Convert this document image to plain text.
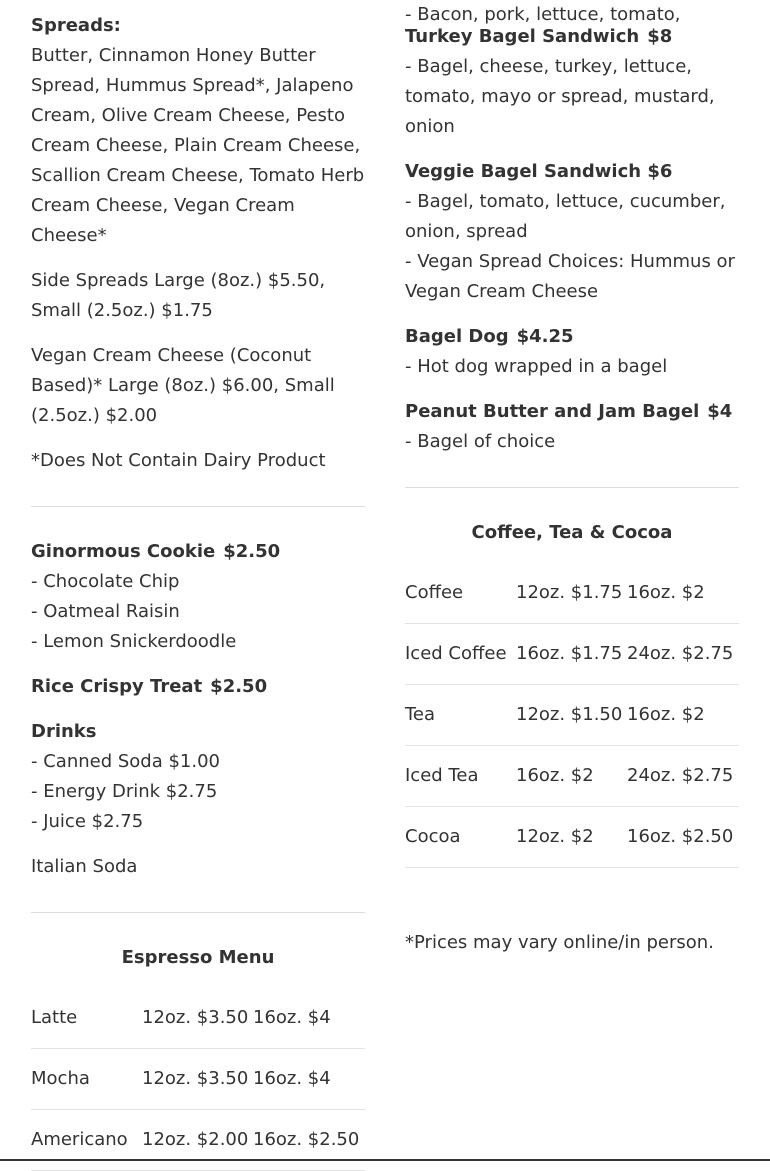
Spreads:

Butter, Cinnamon Honey Butter Spread, Hummus Spread*, Jalapeno Cream, Olive Cream Cheese, Pesto Cream Cheese, Plain Cream Cheese, Scallion Cream Cheese, Tomato Herb Cream Cheese, Vegan Cream Cheese*

Side Spreads Large (8oz.) $5.50, Small (2.5oz.) $1.75

Vegan Cream Cheese (Coconut Based)* Large (8oz.) $6.00, Small (2.5oz.) $2.00

*Does Not Contain Dairy Product

Ginormous Cookie $2.50

- Chocolate Chip

- Oatmeal Raisin

- Lemon Snickerdoodle

Rice Crispy Treat $2.50

Drinks

- Canned Soda $1.00

- Energy Drink $2.75

- Juice $2.75

Italian Soda

Espresso Menu

Latte	12oz. $3.50 16oz. $4
Mocha	12oz. $3.50 16oz. $4
Americano 12oz. $2.00 16oz. $2.50

- Bacon, pork, lettuce, tomato,

Turkey Bagel Sandwich $8

- Bagel, cheese, turkey, lettuce, tomato, mayo or spread, mustard, onion

Veggie Bagel Sandwich $6

- Bagel, tomato, lettuce, cucumber, onion, spread

- Vegan Spread Choices: Hummus or Vegan Cream Cheese

Bagel Dog $4.25

- Hot dog wrapped in a bagel

Peanut Butter and Jam Bagel $4

- Bagel of choice

Coffee, Tea & Cocoa

Coffee	12oz. $1.75 16oz. $2
Iced Coffee 16oz. $1.75 24oz. $2.75
Tea	12oz. $1.50 16oz. $2
Iced Tea	16oz. $2	24oz. $2.75
Cocoa	12oz. $2	16oz. $2.50

*Prices may vary online/in person.
